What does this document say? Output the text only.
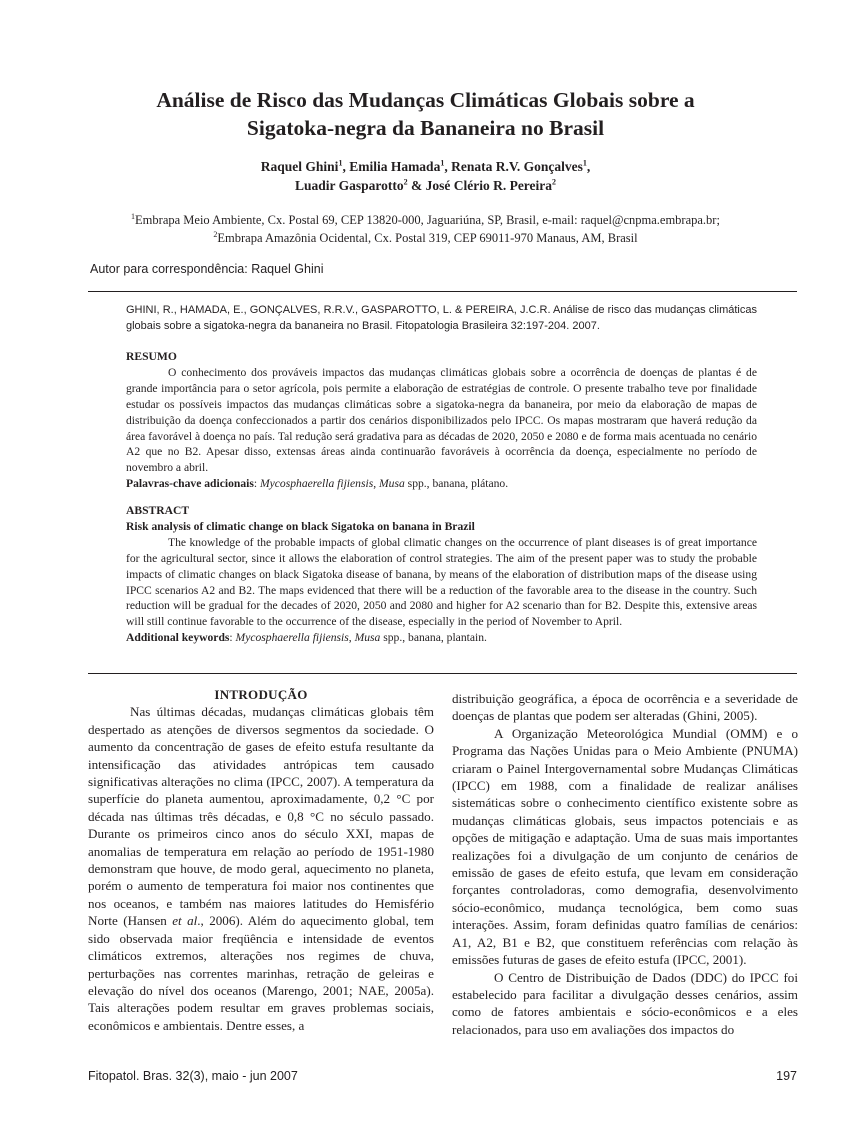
Análise de Risco das Mudanças Climáticas Globais sobre a
Sigatoka-negra da Bananeira no Brasil
Raquel Ghini$^1$, Emilia Hamada$^1$, Renata R.V. Gonçalves$^1$,
Luadir Gasparotto$^2$ & José Clério R. Pereira$^2$
$^1$Embrapa Meio Ambiente, Cx. Postal 69, CEP 13820-000, Jaguariúna, SP, Brasil, e-mail: raquel@cnpma.embrapa.br;
$^2$Embrapa Amazônia Ocidental, Cx. Postal 319, CEP 69011-970 Manaus, AM, Brasil
Autor para correspondência: Raquel Ghini
GHINI, R., HAMADA, E., GONÇALVES, R.R.V., GASPAROTTO, L. & PEREIRA, J.C.R. Análise de risco das mudanças climáticas globais sobre a sigatoka-negra da bananeira no Brasil. Fitopatologia Brasileira 32:197-204. 2007.

RESUMO

O conhecimento dos prováveis impactos das mudanças climáticas globais sobre a ocorrência de doenças de plantas é de grande importância para o setor agrícola, pois permite a elaboração de estratégias de controle. O presente trabalho teve por finalidade estudar os possíveis impactos das mudanças climáticas sobre a sigatoka-negra da bananeira, por meio da elaboração de mapas de distribuição da doença confeccionados a partir dos cenários disponibilizados pelo IPCC. Os mapas mostraram que haverá redução da área favorável à doença no país. Tal redução será gradativa para as décadas de 2020, 2050 e 2080 e de forma mais acentuada no cenário A2 que no B2. Apesar disso, extensas áreas ainda continuarão favoráveis à ocorrência da doença, especialmente no período de novembro a abril.

Palavras-chave adicionais: Mycosphaerella fijiensis, Musa spp., banana, plátano.

ABSTRACT

Risk analysis of climatic change on black Sigatoka on banana in Brazil

The knowledge of the probable impacts of global climatic changes on the occurrence of plant diseases is of great importance for the agricultural sector, since it allows the elaboration of control strategies. The aim of the present paper was to study the probable impacts of climatic changes on black Sigatoka disease of banana, by means of the elaboration of distribution maps of the disease using IPCC scenarios A2 and B2. The maps evidenced that there will be a reduction of the favorable area to the disease in the country. Such reduction will be gradual for the decades of 2020, 2050 and 2080 and higher for A2 scenario than for B2. Despite this, extensive areas will still continue favorable to the occurrence of the disease, especially in the period of November to April.

Additional keywords: Mycosphaerella fijiensis, Musa spp., banana, plantain.

INTRODUÇÃO

Nas últimas décadas, mudanças climáticas globais têm despertado as atenções de diversos segmentos da sociedade. O aumento da concentração de gases de efeito estufa resultante da intensificação das atividades antrópicas tem causado significativas alterações no clima (IPCC, 2007). A temperatura da superfície do planeta aumentou, aproximadamente, 0,2 °C por década nas últimas três décadas, e 0,8 °C no século passado. Durante os primeiros cinco anos do século XXI, mapas de anomalias de temperatura em relação ao período de 1951-1980 demonstram que houve, de modo geral, aquecimento no planeta, porém o aumento de temperatura foi maior nos continentes que nos oceanos, e também nas maiores latitudes do Hemisfério Norte (Hansen et al., 2006). Além do aquecimento global, tem sido observada maior freqüência e intensidade de eventos climáticos extremos, alterações nos regimes de chuva, perturbações nas correntes marinhas, retração de geleiras e elevação do nível dos oceanos (Marengo, 2001; NAE, 2005a). Tais alterações podem resultar em graves problemas sociais, econômicos e ambientais. Dentre esses, a

distribuição geográfica, a época de ocorrência e a severidade de doenças de plantas que podem ser alteradas (Ghini, 2005).

A Organização Meteorológica Mundial (OMM) e o Programa das Nações Unidas para o Meio Ambiente (PNUMA) criaram o Painel Intergovernamental sobre Mudanças Climáticas (IPCC) em 1988, com a finalidade de realizar análises sistemáticas sobre o conhecimento científico existente sobre as mudanças climáticas globais, seus impactos potenciais e as opções de mitigação e adaptação. Uma de suas mais importantes realizações foi a divulgação de um conjunto de cenários de emissão de gases de efeito estufa, que levam em consideração forçantes controladoras, como demografia, desenvolvimento sócio-econômico, mudança tecnológica, bem como suas interações. Assim, foram definidas quatro famílias de cenários: A1, A2, B1 e B2, que constituem referências com relação às emissões futuras de gases de efeito estufa (IPCC, 2001).

O Centro de Distribuição de Dados (DDC) do IPCC foi estabelecido para facilitar a divulgação desses cenários, assim como de fatores ambientais e sócio-econômicos e a eles relacionados, para uso em avaliações dos impactos do

Fitopatol. Bras. 32(3), maio - jun 2007	197
